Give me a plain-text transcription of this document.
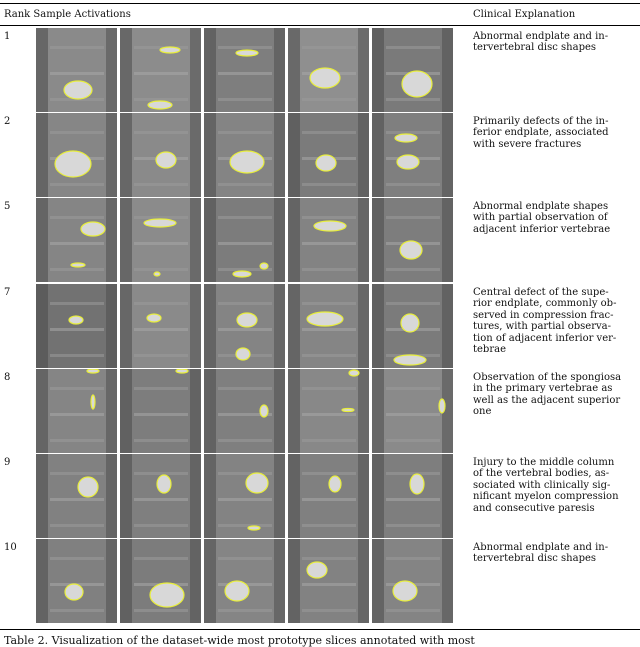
Rank Sample Activations	Clinical Explanation
1	Abnormal endplate and in-
tervertebral disc shapes
2	Primarily defects of the in-
ferior endplate, associated
with severe fractures
5	Abnormal endplate shapes
with partial observation of
adjacent inferior vertebrae
7	Central defect of the supe-
rior endplate, commonly ob-
served in compression frac-
tures, with partial observa-
tion of adjacent inferior ver-
tebrae
8	Observation of the spongiosa
in the primary vertebrae as
well as the adjacent superior
one
9	Injury to the middle column
of the vertebral bodies, as-
sociated with clinically sig-
nificant myelon compression
and consecutive paresis
10	Abnormal endplate and in-
tervertebral disc shapes
Table 2. Visualization of the dataset‑wide most prototype slices annotated with most
